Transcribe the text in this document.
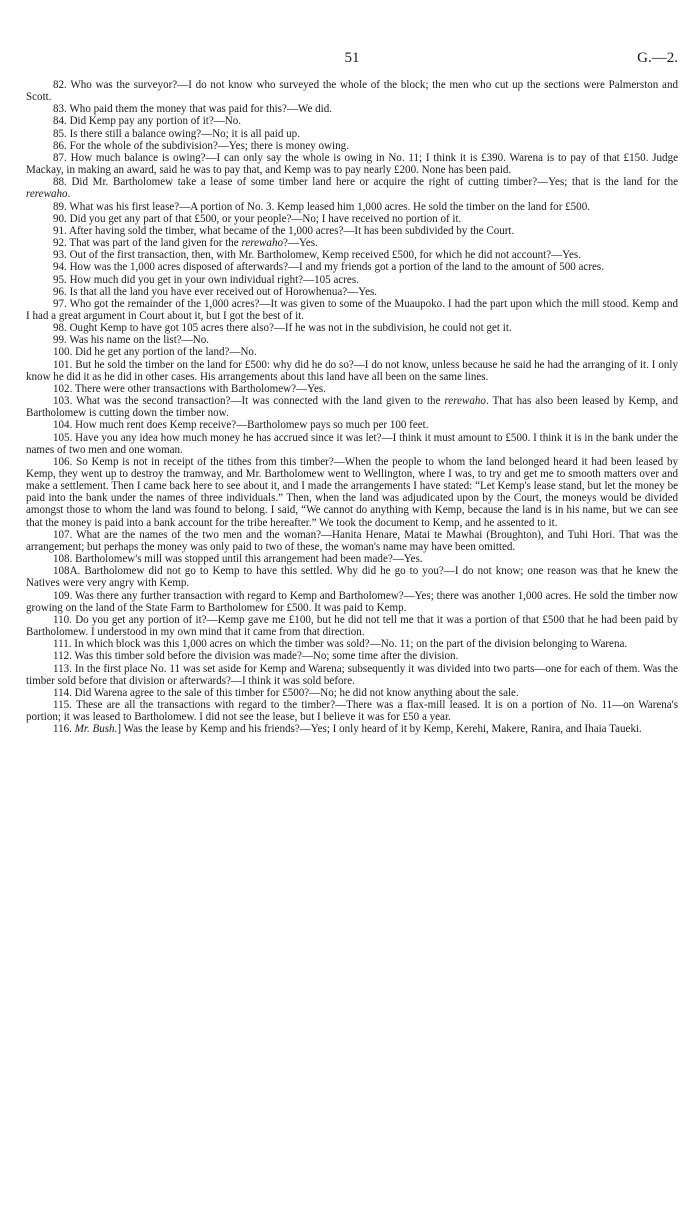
51	G.—2.

82. Who was the surveyor?—I do not know who surveyed the whole of the block; the men who cut up the sections were Palmerston and Scott.

83. Who paid them the money that was paid for this?—We did.

84. Did Kemp pay any portion of it?—No.

85. Is there still a balance owing?—No; it is all paid up.

86. For the whole of the subdivision?—Yes; there is money owing.

87. How much balance is owing?—I can only say the whole is owing in No. 11; I think it is £390. Warena is to pay of that £150. Judge Mackay, in making an award, said he was to pay that, and Kemp was to pay nearly £200. None has been paid.

88. Did Mr. Bartholomew take a lease of some timber land here or acquire the right of cutting timber?—Yes; that is the land for the rerewaho.

89. What was his first lease?—A portion of No. 3. Kemp leased him 1,000 acres. He sold the timber on the land for £500.

90. Did you get any part of that £500, or your people?—No; I have received no portion of it.

91. After having sold the timber, what became of the 1,000 acres?—It has been subdivided by the Court.

92. That was part of the land given for the rerewaho?—Yes.

93. Out of the first transaction, then, with Mr. Bartholomew, Kemp received £500, for which he did not account?—Yes.

94. How was the 1,000 acres disposed of afterwards?—I and my friends got a portion of the land to the amount of 500 acres.

95. How much did you get in your own individual right?—105 acres.

96. Is that all the land you have ever received out of Horowhenua?—Yes.

97. Who got the remainder of the 1,000 acres?—It was given to some of the Muaupoko. I had the part upon which the mill stood. Kemp and I had a great argument in Court about it, but I got the best of it.

98. Ought Kemp to have got 105 acres there also?—If he was not in the subdivision, he could not get it.

99. Was his name on the list?—No.

100. Did he get any portion of the land?—No.

101. But he sold the timber on the land for £500: why did he do so?—I do not know, unless because he said he had the arranging of it. I only know he did it as he did in other cases. His arrangements about this land have all been on the same lines.

102. There were other transactions with Bartholomew?—Yes.

103. What was the second transaction?—It was connected with the land given to the rerewaho. That has also been leased by Kemp, and Bartholomew is cutting down the timber now.

104. How much rent does Kemp receive?—Bartholomew pays so much per 100 feet.

105. Have you any idea how much money he has accrued since it was let?—I think it must amount to £500. I think it is in the bank under the names of two men and one woman.

106. So Kemp is not in receipt of the tithes from this timber?—When the people to whom the land belonged heard it had been leased by Kemp, they went up to destroy the tramway, and Mr. Bartholomew went to Wellington, where I was, to try and get me to smooth matters over and make a settlement. Then I came back here to see about it, and I made the arrangements I have stated: “Let Kemp's lease stand, but let the money be paid into the bank under the names of three individuals.” Then, when the land was adjudicated upon by the Court, the moneys would be divided amongst those to whom the land was found to belong. I said, “We cannot do anything with Kemp, because the land is in his name, but we can see that the money is paid into a bank account for the tribe hereafter.” We took the document to Kemp, and he assented to it.

107. What are the names of the two men and the woman?—Hanita Henare, Matai te Mawhai (Broughton), and Tuhi Hori. That was the arrangement; but perhaps the money was only paid to two of these, the woman's name may have been omitted.

108. Bartholomew's mill was stopped until this arrangement had been made?—Yes.

108A. Bartholomew did not go to Kemp to have this settled. Why did he go to you?—I do not know; one reason was that he knew the Natives were very angry with Kemp.

109. Was there any further transaction with regard to Kemp and Bartholomew?—Yes; there was another 1,000 acres. He sold the timber now growing on the land of the State Farm to Bartholomew for £500. It was paid to Kemp.

110. Do you get any portion of it?—Kemp gave me £100, but he did not tell me that it was a portion of that £500 that he had been paid by Bartholomew. I understood in my own mind that it came from that direction.

111. In which block was this 1,000 acres on which the timber was sold?—No. 11; on the part of the division belonging to Warena.

112. Was this timber sold before the division was made?—No; some time after the division.

113. In the first place No. 11 was set aside for Kemp and Warena; subsequently it was divided into two parts—one for each of them. Was the timber sold before that division or afterwards?—I think it was sold before.

114. Did Warena agree to the sale of this timber for £500?—No; he did not know anything about the sale.

115. These are all the transactions with regard to the timber?—There was a flax-mill leased. It is on a portion of No. 11—on Warena's portion; it was leased to Bartholomew. I did not see the lease, but I believe it was for £50 a year.

116. Mr. Bush.] Was the lease by Kemp and his friends?—Yes; I only heard of it by Kemp, Kerehi, Makere, Ranira, and Ihaia Taueki.
